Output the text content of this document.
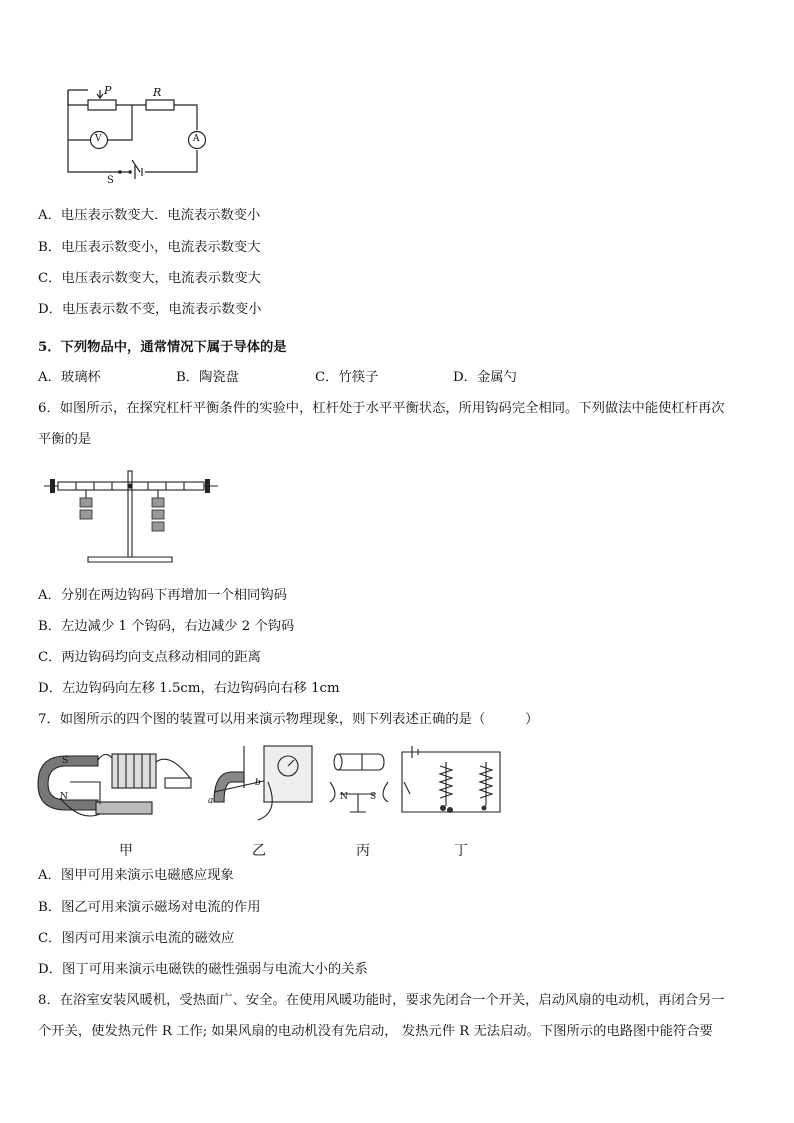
P	R
V	A
S
A．电压表示数变大．电流表示数变小
B．电压表示数变小，电流表示数变大
C．电压表示数变大，电流表示数变大
D．电压表示数不变，电流表示数变小
5．下列物品中，通常情况下属于导体的是
A．玻璃杯	B．陶瓷盘	C．竹筷子	D．金属勺
6．如图所示，在探究杠杆平衡条件的实验中，杠杆处于水平平衡状态，所用钩码完全相同。下列做法中能使杠杆再次
平衡的是
A．分别在两边钩码下再增加一个相同钩码
B．左边减少 1 个钩码，右边减少 2 个钩码
C．两边钩码均向支点移动相同的距离
D．左边钩码向左移 1.5cm，右边钩码向右移 1cm
7．如图所示的四个图的装置可以用来演示物理现象，则下列表述正确的是（　　　）
S
N	a
b
N S
甲	乙	丙	丁
A．图甲可用来演示电磁感应现象
B．图乙可用来演示磁场对电流的作用
C．图丙可用来演示电流的磁效应
D．图丁可用来演示电磁铁的磁性强弱与电流大小的关系
8．在浴室安装风暖机，受热面广、安全。在使用风暖功能时，要求先闭合一个开关，启动风扇的电动机，再闭合另一
个开关，使发热元件 R 工作; 如果风扇的电动机没有先启动， 发热元件 R 无法启动。下图所示的电路图中能符合要
